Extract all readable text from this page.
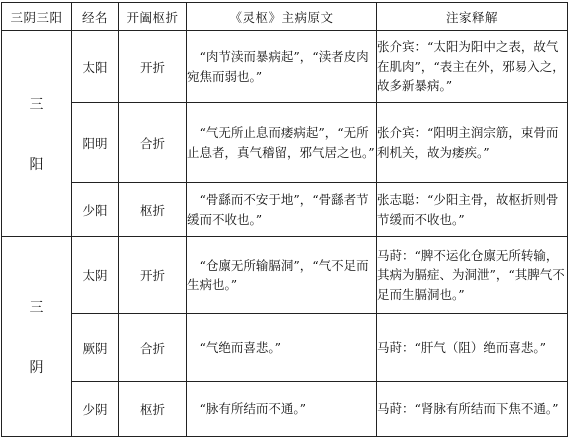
三阴三阳	经名	开阖枢折	《灵枢》主病原文	注家释解

三
阳	太阳	开折	“肉节渎而暴病起”，“渎者皮肉宛焦而弱也。”	张介宾：“太阳为阳中之表，故气在肌肉”，“表主在外，邪易入之，故多新暴病。”
	阳明	合折	“气无所止息而痿病起”，“无所止息者，真气稽留，邪气居之也。”	张介宾：“阳明主润宗筋，束骨而利机关，故为痿疾。”
	少阳	枢折	“骨繇而不安于地”，“骨繇者节缓而不收也。”	张志聪：“少阳主骨，故枢折则骨节缓而不收也。”

三
阴	太阴	开折	“仓廪无所输膈洞”，“气不足而生病也。”	马莳：“脾不运化仓廪无所转输，其病为膈症、为洞泄”，“其脾气不足而生膈洞也。”
	厥阴	合折	“气绝而喜悲。”	马莳：“肝气（阻）绝而喜悲。”
	少阴	枢折	“脉有所结而不通。”	马莳：“肾脉有所结而下焦不通。”
